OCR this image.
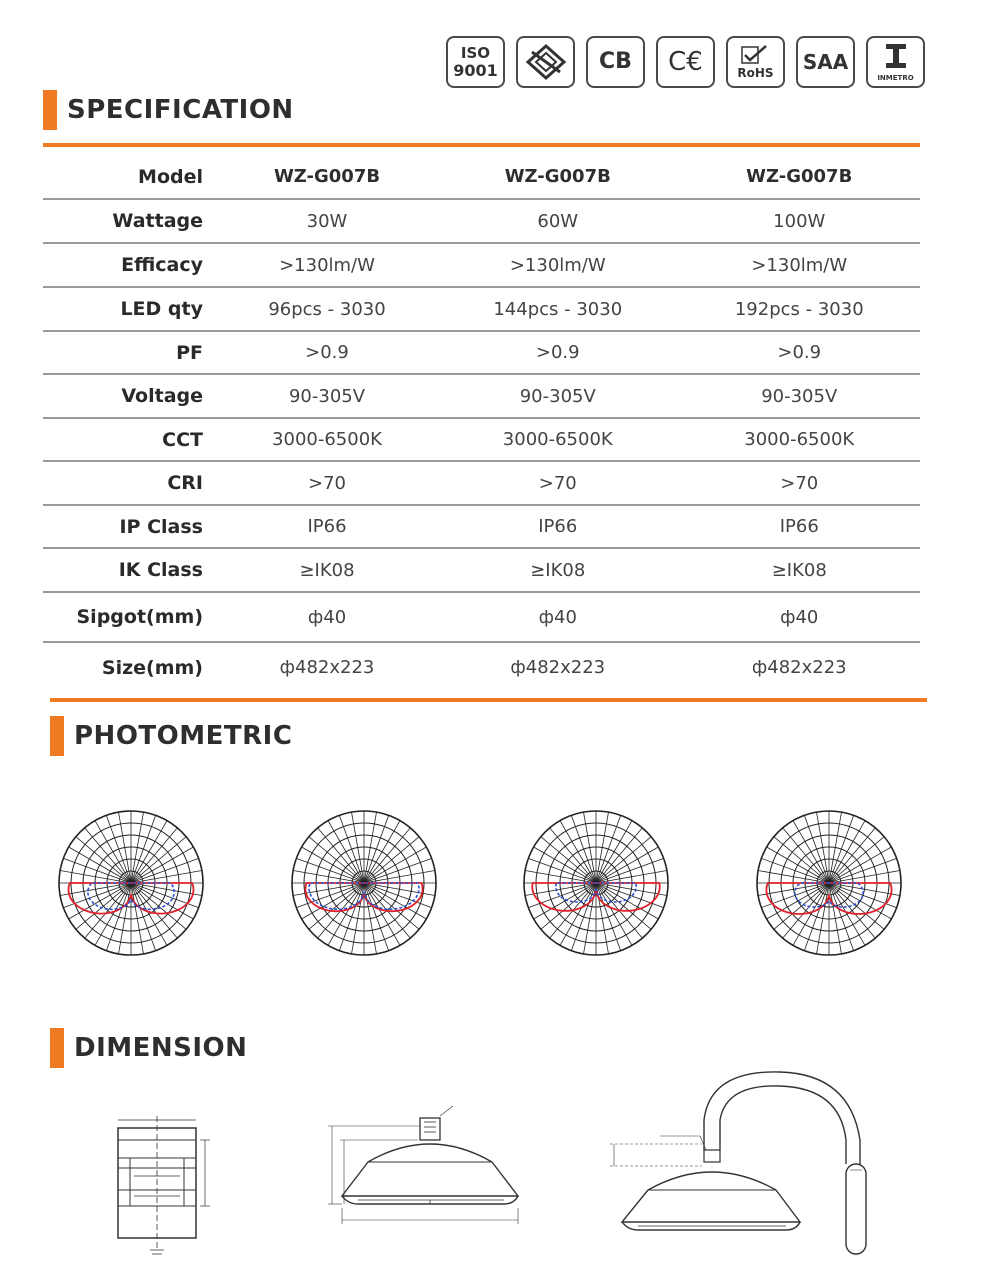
ISO
9001	CB C€	RoHS SAA
INMETRO
SPECIFICATION
Model	WZ-G007B	WZ-G007B	WZ-G007B
Wattage	30W	60W	100W
Efficacy	>130lm/W	>130lm/W	>130lm/W
LED qty	96pcs - 3030	144pcs - 3030	192pcs - 3030
PF	>0.9	>0.9	>0.9
Voltage	90-305V	90-305V	90-305V
CCT	3000-6500K	3000-6500K	3000-6500K
CRI	>70	>70	>70
IP Class	IP66	IP66	IP66
IK Class	≥IK08	≥IK08	≥IK08
Sipgot(mm)	ф40	ф40	ф40
Size(mm)	ф482x223	ф482x223	ф482x223
PHOTOMETRIC
DIMENSION
